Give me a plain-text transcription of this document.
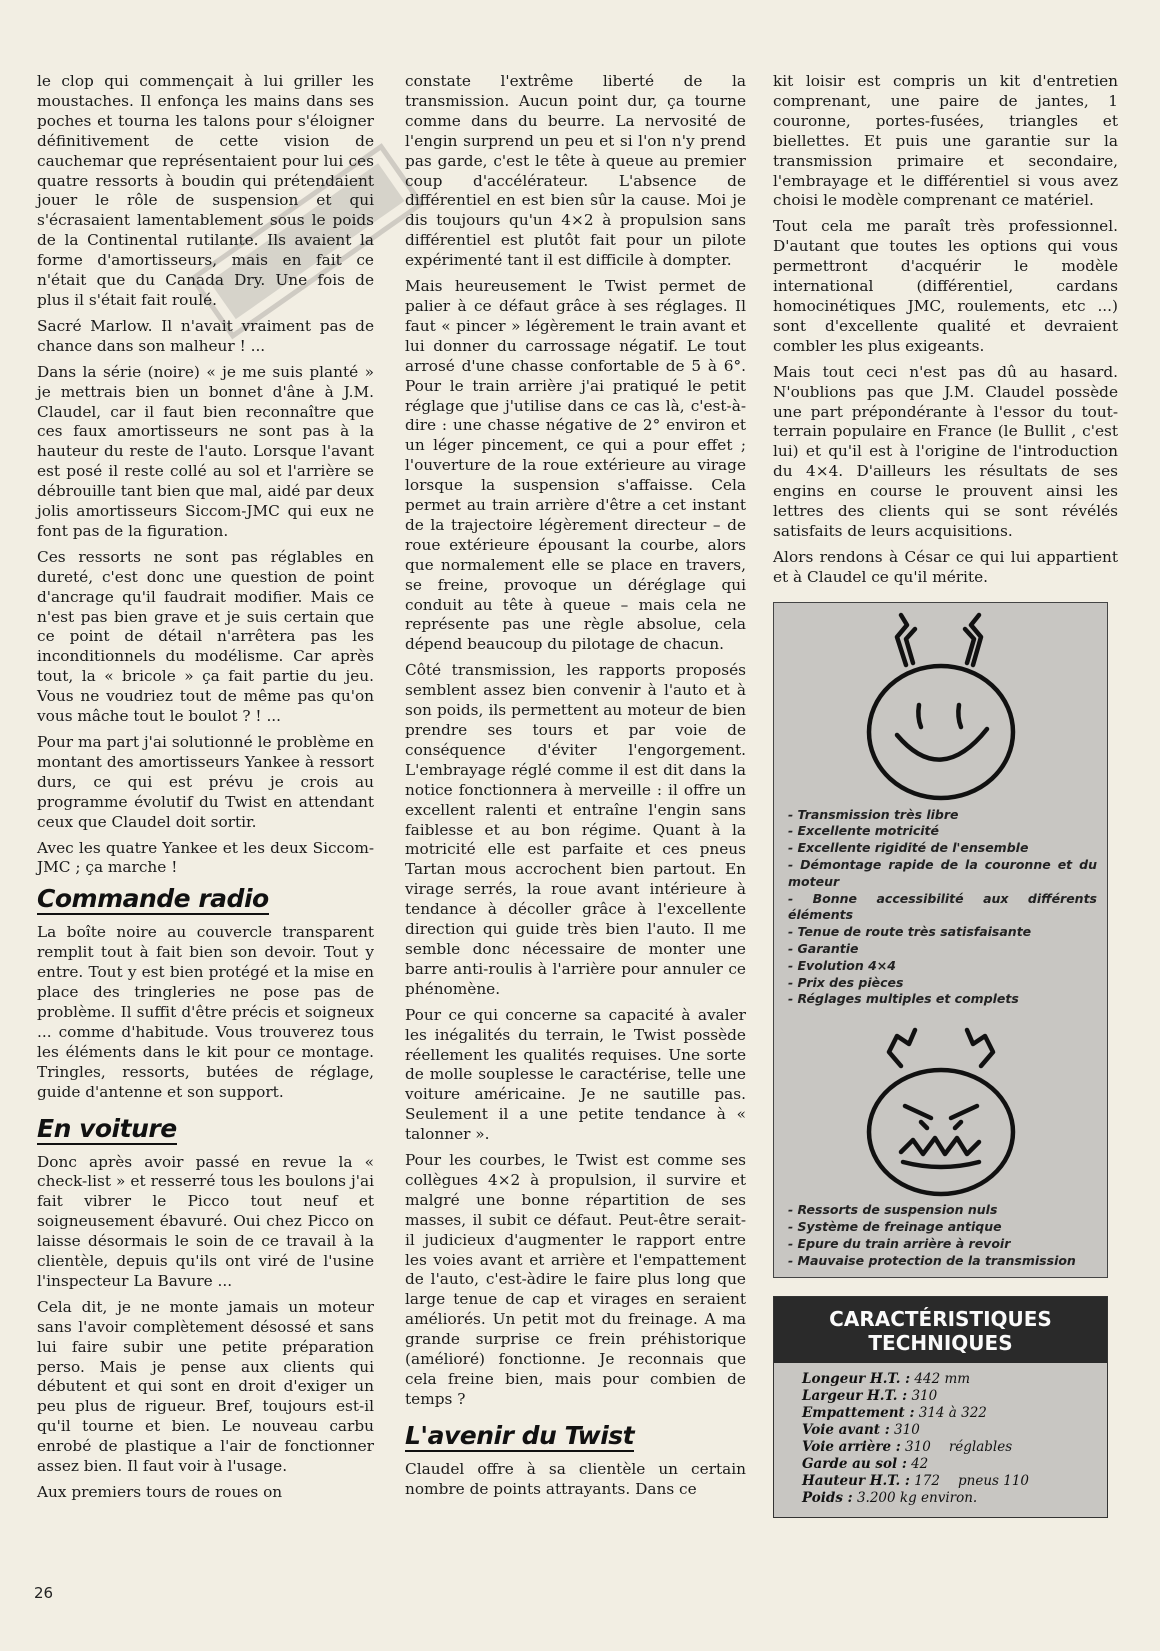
le clop qui commençait à lui griller les moustaches. Il enfonça les mains dans ses poches et tourna les talons pour s'éloigner définitivement de cette vision de cauchemar que représentaient pour lui ces quatre ressorts à boudin qui prétendaient jouer le rôle de suspension et qui s'écrasaient lamentablement sous le poids de la Continental rutilante. Ils avaient la forme d'amortisseurs, mais en fait ce n'était que du Canada Dry. Une fois de plus il s'était fait roulé.

Sacré Marlow. Il n'avait vraiment pas de chance dans son malheur ! ...

Dans la série (noire) « je me suis planté » je mettrais bien un bonnet d'âne à J.M. Claudel, car il faut bien reconnaître que ces faux amortisseurs ne sont pas à la hauteur du reste de l'auto. Lorsque l'avant est posé il reste collé au sol et l'arrière se débrouille tant bien que mal, aidé par deux jolis amortisseurs Siccom-JMC qui eux ne font pas de la figuration.

Ces ressorts ne sont pas réglables en dureté, c'est donc une question de point d'ancrage qu'il faudrait modifier. Mais ce n'est pas bien grave et je suis certain que ce point de détail n'arrêtera pas les inconditionnels du modélisme. Car après tout, la « bricole » ça fait partie du jeu. Vous ne voudriez tout de même pas qu'on vous mâche tout le boulot ? ! ...

Pour ma part j'ai solutionné le problème en montant des amortisseurs Yankee à ressort durs, ce qui est prévu je crois au programme évolutif du Twist en attendant ceux que Claudel doit sortir.

Avec les quatre Yankee et les deux Siccom-JMC ; ça marche !

Commande radio

La boîte noire au couvercle transparent remplit tout à fait bien son devoir. Tout y entre. Tout y est bien protégé et la mise en place des tringleries ne pose pas de problème. Il suffit d'être précis et soigneux ... comme d'habitude. Vous trouverez tous les éléments dans le kit pour ce montage. Tringles, ressorts, butées de réglage, guide d'antenne et son support.

En voiture

Donc après avoir passé en revue la « check-list » et resserré tous les boulons j'ai fait vibrer le Picco tout neuf et soigneusement ébavuré. Oui chez Picco on laisse désormais le soin de ce travail à la clientèle, depuis qu'ils ont viré de l'usine l'inspecteur La Bavure ...

Cela dit, je ne monte jamais un moteur sans l'avoir complètement désossé et sans lui faire subir une petite préparation perso. Mais je pense aux clients qui débutent et qui sont en droit d'exiger un peu plus de rigueur. Bref, toujours est-il qu'il tourne et bien. Le nouveau carbu enrobé de plastique a l'air de fonctionner assez bien. Il faut voir à l'usage.

Aux premiers tours de roues on

constate l'extrême liberté de la transmission. Aucun point dur, ça tourne comme dans du beurre. La nervosité de l'engin surprend un peu et si l'on n'y prend pas garde, c'est le tête à queue au premier coup d'accélérateur. L'absence de différentiel en est bien sûr la cause. Moi je dis toujours qu'un 4×2 à propulsion sans différentiel est plutôt fait pour un pilote expérimenté tant il est difficile à dompter.

Mais heureusement le Twist permet de palier à ce défaut grâce à ses réglages. Il faut « pincer » légèrement le train avant et lui donner du carrossage négatif. Le tout arrosé d'une chasse confortable de 5 à 6°. Pour le train arrière j'ai pratiqué le petit réglage que j'utilise dans ce cas là, c'est-à-dire : une chasse négative de 2° environ et un léger pincement, ce qui a pour effet ; l'ouverture de la roue extérieure au virage lorsque la suspension s'affaisse. Cela permet au train arrière d'être a cet instant de la trajectoire légèrement directeur – de roue extérieure épousant la courbe, alors que normalement elle se place en travers, se freine, provoque un déréglage qui conduit au tête à queue – mais cela ne représente pas une règle absolue, cela dépend beaucoup du pilotage de chacun.

Côté transmission, les rapports proposés semblent assez bien convenir à l'auto et à son poids, ils permettent au moteur de bien prendre ses tours et par voie de conséquence d'éviter l'engorgement. L'embrayage réglé comme il est dit dans la notice fonctionnera à merveille : il offre un excellent ralenti et entraîne l'engin sans faiblesse et au bon régime. Quant à la motricité elle est parfaite et ces pneus Tartan mous accrochent bien partout. En virage serrés, la roue avant intérieure à tendance à décoller grâce à l'excellente direction qui guide très bien l'auto. Il me semble donc nécessaire de monter une barre anti-roulis à l'arrière pour annuler ce phénomène.

Pour ce qui concerne sa capacité à avaler les inégalités du terrain, le Twist possède réellement les qualités requises. Une sorte de molle souplesse le caractérise, telle une voiture américaine. Je ne sautille pas. Seulement il a une petite tendance à « talonner ».

Pour les courbes, le Twist est comme ses collègues 4×2 à propulsion, il survire et malgré une bonne répartition de ses masses, il subit ce défaut. Peut-être serait-il judicieux d'augmenter le rapport entre les voies avant et arrière et l'empattement de l'auto, c'est-àdire le faire plus long que large tenue de cap et virages en seraient améliorés. Un petit mot du freinage. A ma grande surprise ce frein préhistorique (amélioré) fonctionne. Je reconnais que cela freine bien, mais pour combien de temps ?

L'avenir du Twist

Claudel offre à sa clientèle un certain nombre de points attrayants. Dans ce

kit loisir est compris un kit d'entretien comprenant, une paire de jantes, 1 couronne, portes-fusées, triangles et biellettes. Et puis une garantie sur la transmission primaire et secondaire, l'embrayage et le différentiel si vous avez choisi le modèle comprenant ce matériel.

Tout cela me paraît très professionnel. D'autant que toutes les options qui vous permettront d'acquérir le modèle international (différentiel, cardans homocinétiques JMC, roulements, etc ...) sont d'excellente qualité et devraient combler les plus exigeants.

Mais tout ceci n'est pas dû au hasard. N'oublions pas que J.M. Claudel possède une part prépondérante à l'essor du tout-terrain populaire en France (le Bullit , c'est lui) et qu'il est à l'origine de l'introduction du 4×4. D'ailleurs les résultats de ses engins en course le prouvent ainsi les lettres des clients qui se sont révélés satisfaits de leurs acquisitions.

Alors rendons à César ce qui lui appartient et à Claudel ce qu'il mérite.

- Transmission très libre
- Excellente motricité
- Excellente rigidité de l'ensemble
- Démontage rapide de la couronne et du moteur
- Bonne accessibilité aux différents éléments
- Tenue de route très satisfaisante
- Garantie
- Evolution 4×4
- Prix des pièces
- Réglages multiples et complets
- Ressorts de suspension nuls
- Système de freinage antique
- Epure du train arrière à revoir
- Mauvaise protection de la transmission
CARACTÉRISTIQUES
TECHNIQUES
Longeur H.T. : 442 mm
Largeur H.T. : 310
Empattement : 314 à 322
Voie avant : 310
Voie arrière : 310 réglables
Garde au sol : 42
Hauteur H.T. : 172 pneus 110
Poids : 3.200 kg environ.
26
